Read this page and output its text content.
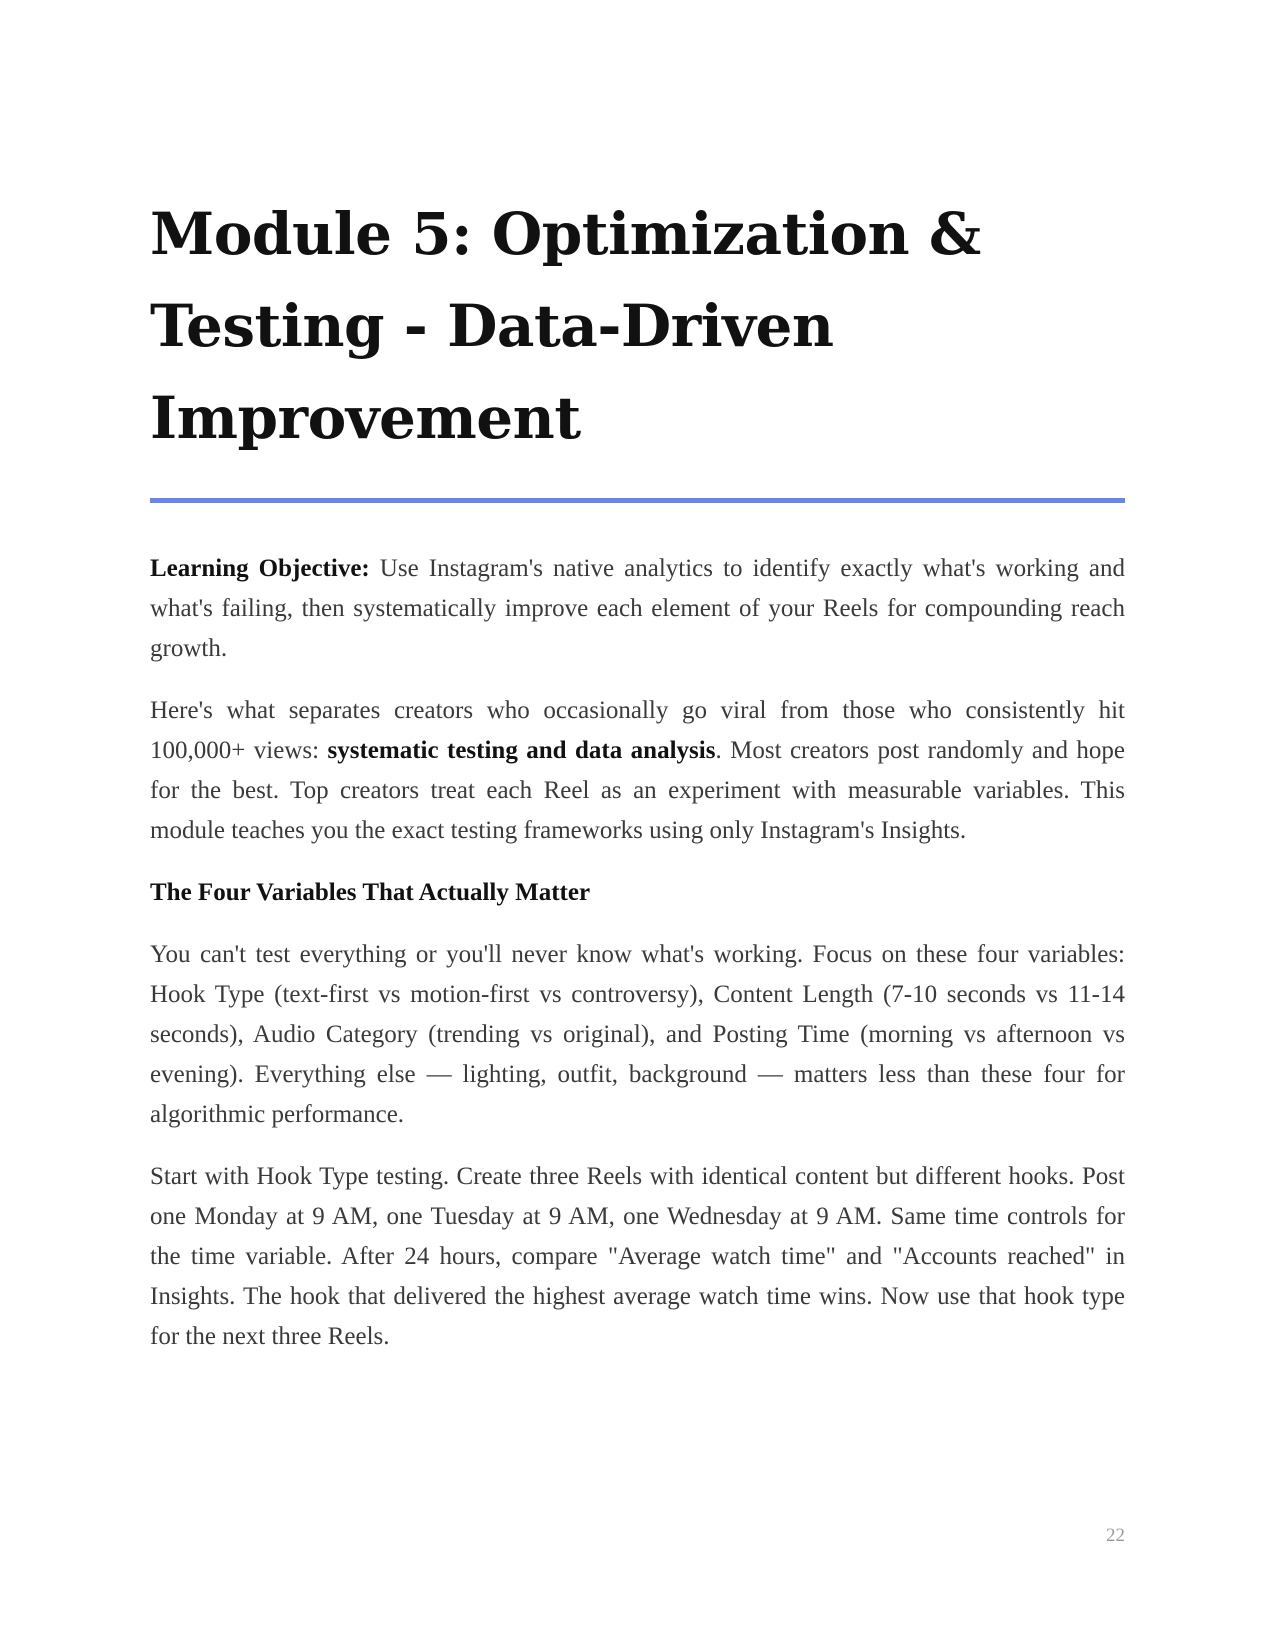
Module 5: Optimization & Testing - Data-Driven Improvement

Learning Objective: Use Instagram's native analytics to identify exactly what's working and what's failing, then systematically improve each element of your Reels for compounding reach growth.

Here's what separates creators who occasionally go viral from those who consistently hit 100,000+ views: systematic testing and data analysis. Most creators post randomly and hope for the best. Top creators treat each Reel as an experiment with measurable variables. This module teaches you the exact testing frameworks using only Instagram's Insights.

The Four Variables That Actually Matter

You can't test everything or you'll never know what's working. Focus on these four variables: Hook Type (text-first vs motion-first vs controversy), Content Length (7-10 seconds vs 11-14 seconds), Audio Category (trending vs original), and Posting Time (morning vs afternoon vs evening). Everything else — lighting, outfit, background — matters less than these four for algorithmic performance.

Start with Hook Type testing. Create three Reels with identical content but different hooks. Post one Monday at 9 AM, one Tuesday at 9 AM, one Wednesday at 9 AM. Same time controls for the time variable. After 24 hours, compare "Average watch time" and "Accounts reached" in Insights. The hook that delivered the highest average watch time wins. Now use that hook type for the next three Reels.

22
